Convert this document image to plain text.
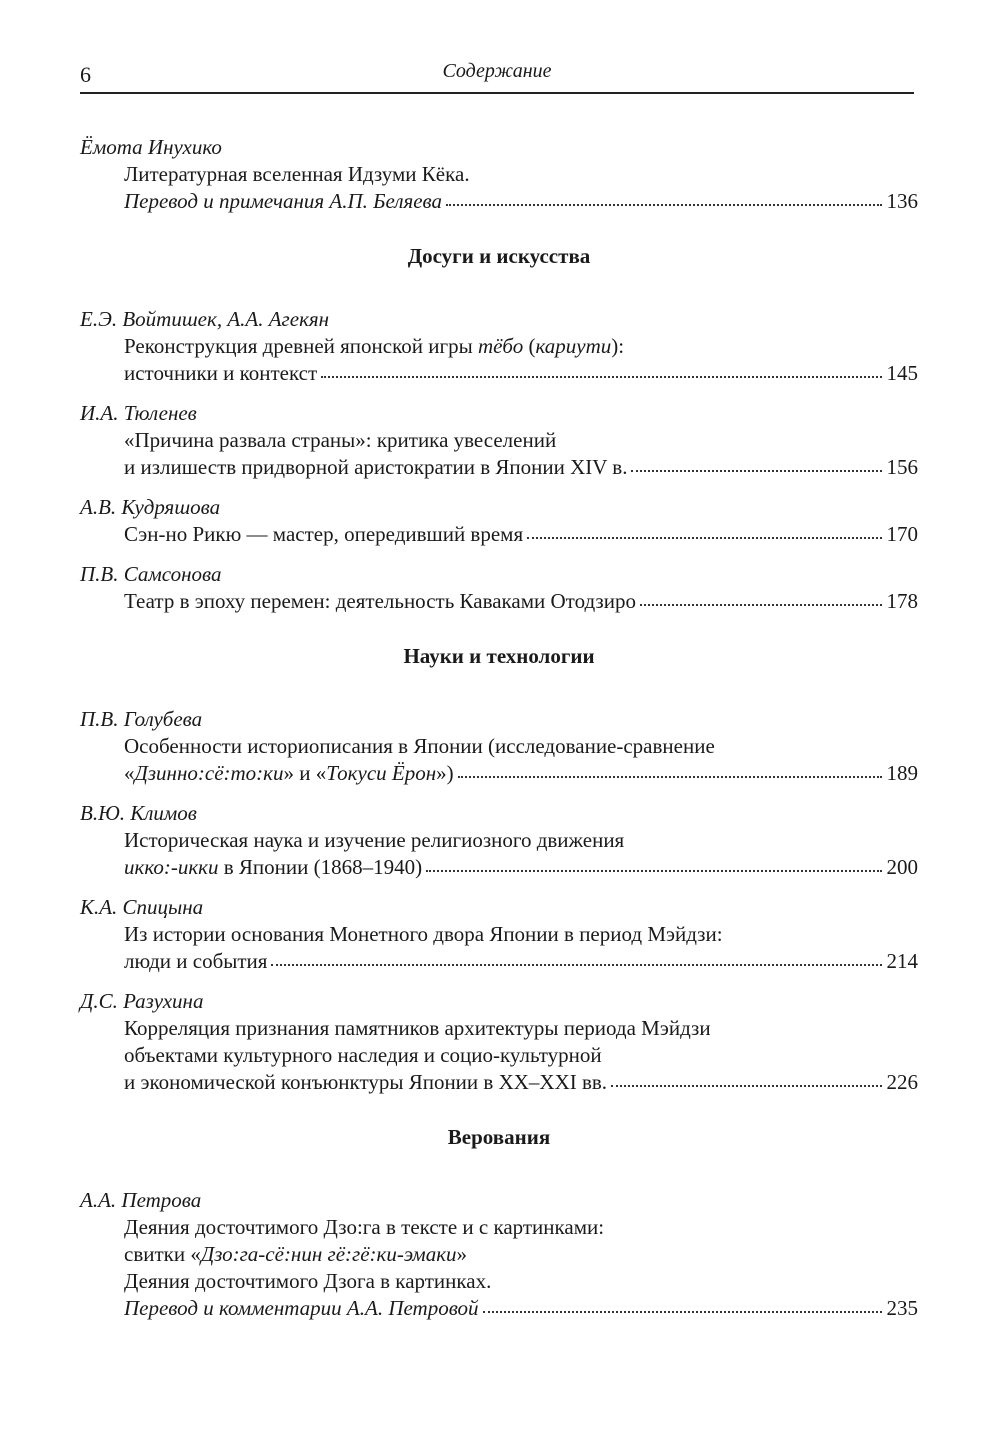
6	Содержание
Ёмота Инухико
Литературная вселенная Идзуми Кёка.
Перевод и примечания А.П. Беляева	136
Досуги и искусства
Е.Э. Войтишек, А.А. Агекян
Реконструкция древней японской игры тёбо (кариути):
источники и контекст	145
И.А. Тюленев
«Причина развала страны»: критика увеселений
и излишеств придворной аристократии в Японии XIV в.	156
А.В. Кудряшова
Сэн-но Рикю — мастер, опередивший время	170
П.В. Самсонова
Театр в эпоху перемен: деятельность Каваками Отодзиро	178
Науки и технологии
П.В. Голубева
Особенности историописания в Японии (исследование-сравнение
«Дзинно:сё:то:ки» и «Токуси Ёрон»)	189
В.Ю. Климов
Историческая наука и изучение религиозного движения
икко:-икки в Японии (1868–1940)	200
К.А. Спицына
Из истории основания Монетного двора Японии в период Мэйдзи:
люди и события	214
Д.С. Разухина
Корреляция признания памятников архитектуры периода Мэйдзи
объектами культурного наследия и социо-культурной
и экономической конъюнктуры Японии в XX–XXI вв.	226
Верования
А.А. Петрова
Деяния досточтимого Дзо:га в тексте и с картинками:
свитки «Дзо:га-сё:нин гё:гё:ки-эмаки»
Деяния досточтимого Дзога в картинках.
Перевод и комментарии А.А. Петровой	235
